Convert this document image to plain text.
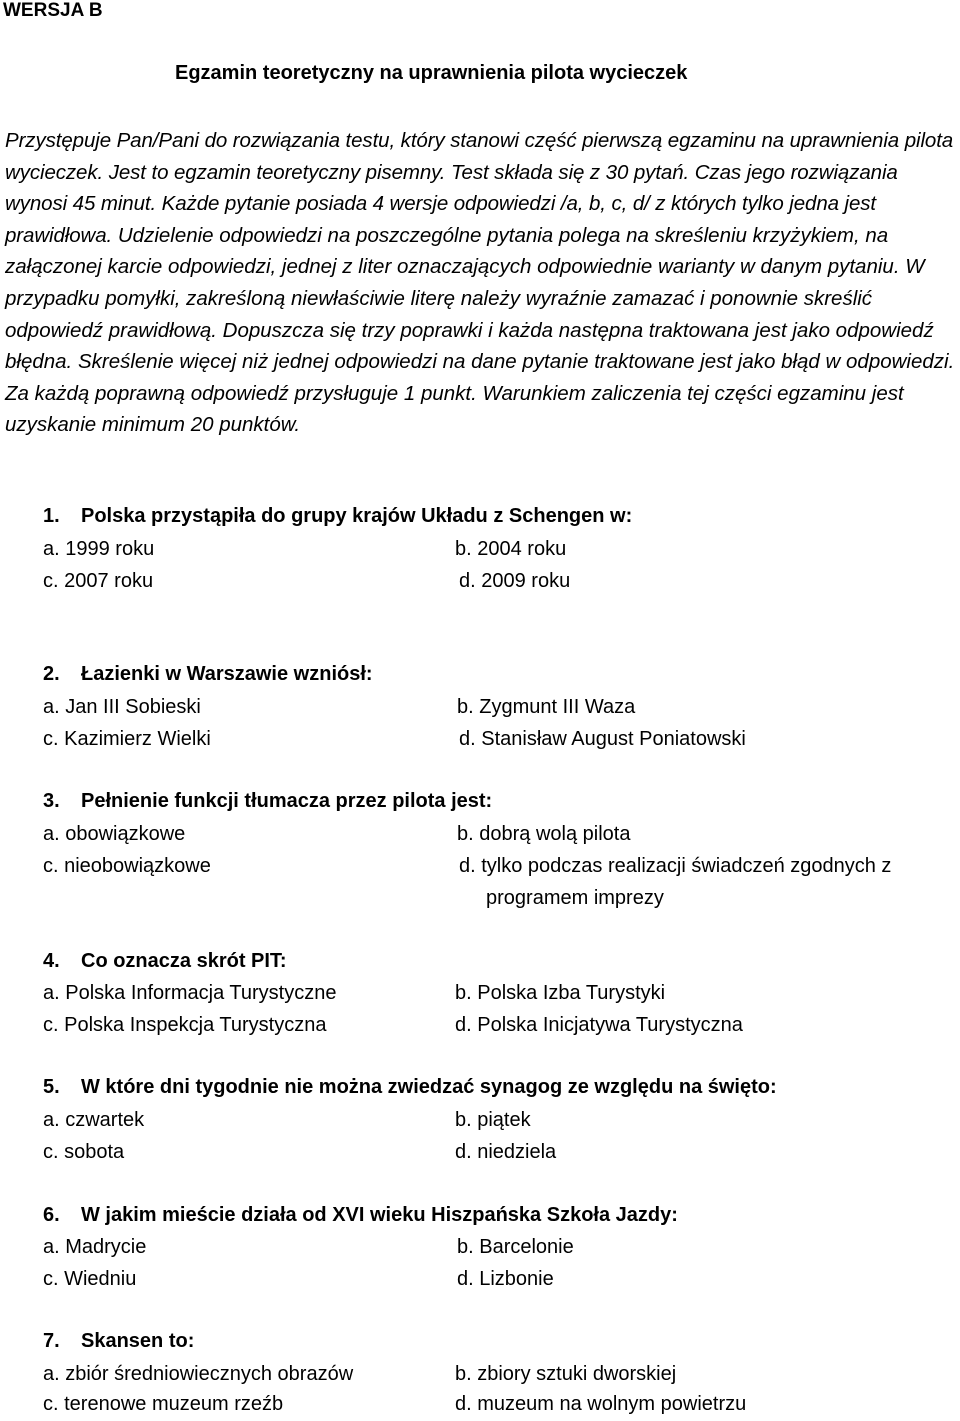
WERSJA B
Egzamin teoretyczny na uprawnienia pilota wycieczek

Przystępuje Pan/Pani do rozwiązania testu, który stanowi część pierwszą egzaminu na uprawnienia pilota wycieczek. Jest to egzamin teoretyczny pisemny. Test składa się z 30 pytań. Czas jego rozwiązania wynosi 45 minut. Każde pytanie posiada 4 wersje odpowiedzi /a, b, c, d/ z których tylko jedna jest prawidłowa. Udzielenie odpowiedzi na poszczególne pytania polega na skreśleniu krzyżykiem, na załączonej karcie odpowiedzi, jednej z liter oznaczających odpowiednie warianty w danym pytaniu. W przypadku pomyłki, zakreśloną niewłaściwie literę należy wyraźnie zamazać i ponownie skreślić odpowiedź prawidłową. Dopuszcza się trzy poprawki i każda następna traktowana jest jako odpowiedź błędna. Skreślenie więcej niż jednej odpowiedzi na dane pytanie traktowane jest jako błąd w odpowiedzi. Za każdą poprawną odpowiedź przysługuje 1 punkt. Warunkiem zaliczenia tej części egzaminu jest uzyskanie minimum 20 punktów.

1. Polska przystąpiła do grupy krajów Układu z Schengen w:
a. 1999 roku	b. 2004 roku
c. 2007 roku	d. 2009 roku
2. Łazienki w Warszawie wzniósł:
a. Jan III Sobieski	b. Zygmunt III Waza
c. Kazimierz Wielki	d. Stanisław August Poniatowski
3. Pełnienie funkcji tłumacza przez pilota jest:
a. obowiązkowe	b. dobrą wolą pilota
c. nieobowiązkowe	d. tylko podczas realizacji świadczeń zgodnych z
programem imprezy
4. Co oznacza skrót PIT:
a. Polska Informacja Turystyczne	b. Polska Izba Turystyki
c. Polska Inspekcja Turystyczna	d. Polska Inicjatywa Turystyczna
5. W które dni tygodnie nie można zwiedzać synagog ze względu na święto:
a. czwartek	b. piątek
c. sobota	d. niedziela
6. W jakim mieście działa od XVI wieku Hiszpańska Szkoła Jazdy:
a. Madrycie	b. Barcelonie
c. Wiedniu	d. Lizbonie
7. Skansen to:
a. zbiór średniowiecznych obrazów	b. zbiory sztuki dworskiej
c. terenowe muzeum rzeźb	d. muzeum na wolnym powietrzu
